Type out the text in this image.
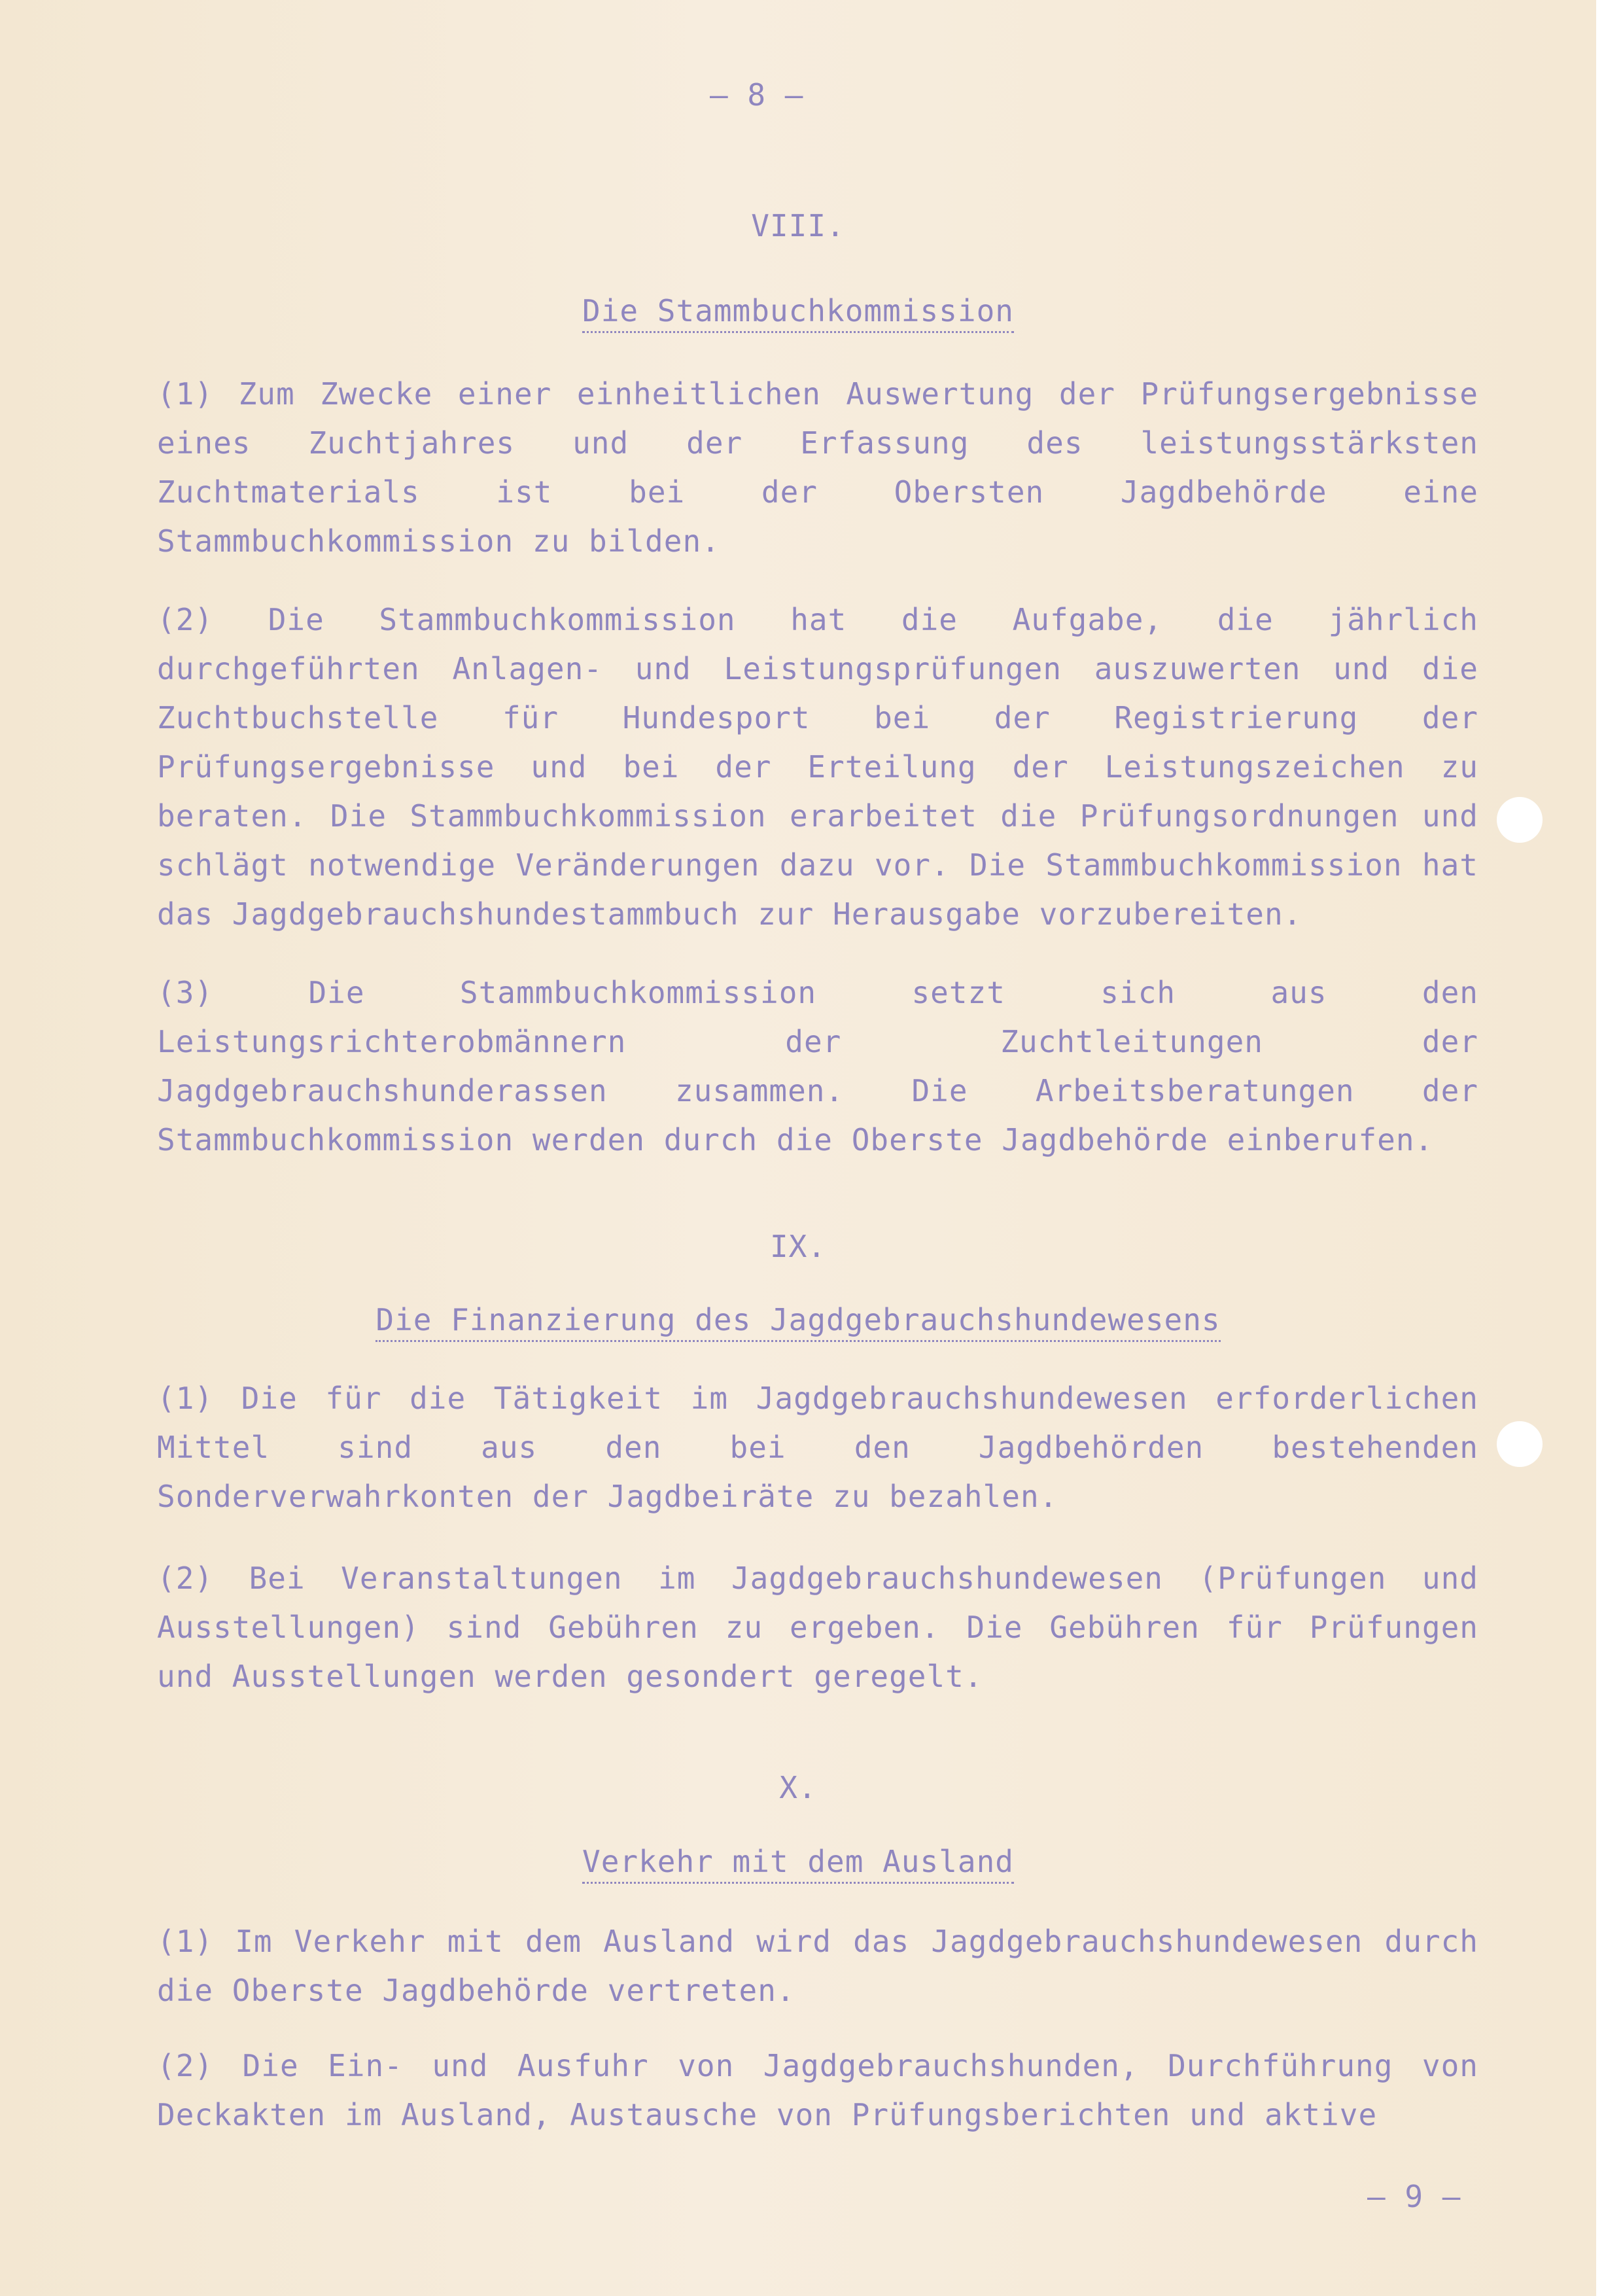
– 8 –
VIII.
Die Stammbuchkommission

(1) Zum Zwecke einer einheitlichen Auswertung der Prüfungsergebnisse eines Zuchtjahres und der Erfassung des leistungsstärksten Zuchtmaterials ist bei der Obersten Jagdbehörde eine Stammbuchkommission zu bilden.

(2) Die Stammbuchkommission hat die Aufgabe, die jährlich durchgeführten Anlagen- und Leistungsprüfungen auszuwerten und die Zuchtbuchstelle für Hundesport bei der Registrierung der Prüfungsergebnisse und bei der Erteilung der Leistungszeichen zu beraten. Die Stammbuchkommission erarbeitet die Prüfungsordnungen und schlägt notwendige Veränderungen dazu vor. Die Stammbuchkommission hat das Jagdgebrauchshundestammbuch zur Herausgabe vorzubereiten.

(3) Die Stammbuchkommission setzt sich aus den Leistungsrichterobmännern der Zuchtleitungen der Jagdgebrauchshunderassen zusammen. Die Arbeitsberatungen der Stammbuchkommission werden durch die Oberste Jagdbehörde einberufen.

IX.
Die Finanzierung des Jagdgebrauchshundewesens

(1) Die für die Tätigkeit im Jagdgebrauchshundewesen erforderlichen Mittel sind aus den bei den Jagdbehörden bestehenden Sonderverwahrkonten der Jagdbeiräte zu bezahlen.

(2) Bei Veranstaltungen im Jagdgebrauchshundewesen (Prüfungen und Ausstellungen) sind Gebühren zu ergeben. Die Gebühren für Prüfungen und Ausstellungen werden gesondert geregelt.

X.
Verkehr mit dem Ausland

(1) Im Verkehr mit dem Ausland wird das Jagdgebrauchshundewesen durch die Oberste Jagdbehörde vertreten.

(2) Die Ein- und Ausfuhr von Jagdgebrauchshunden, Durchführung von Deckakten im Ausland, Austausche von Prüfungsberichten und aktive

– 9 –
